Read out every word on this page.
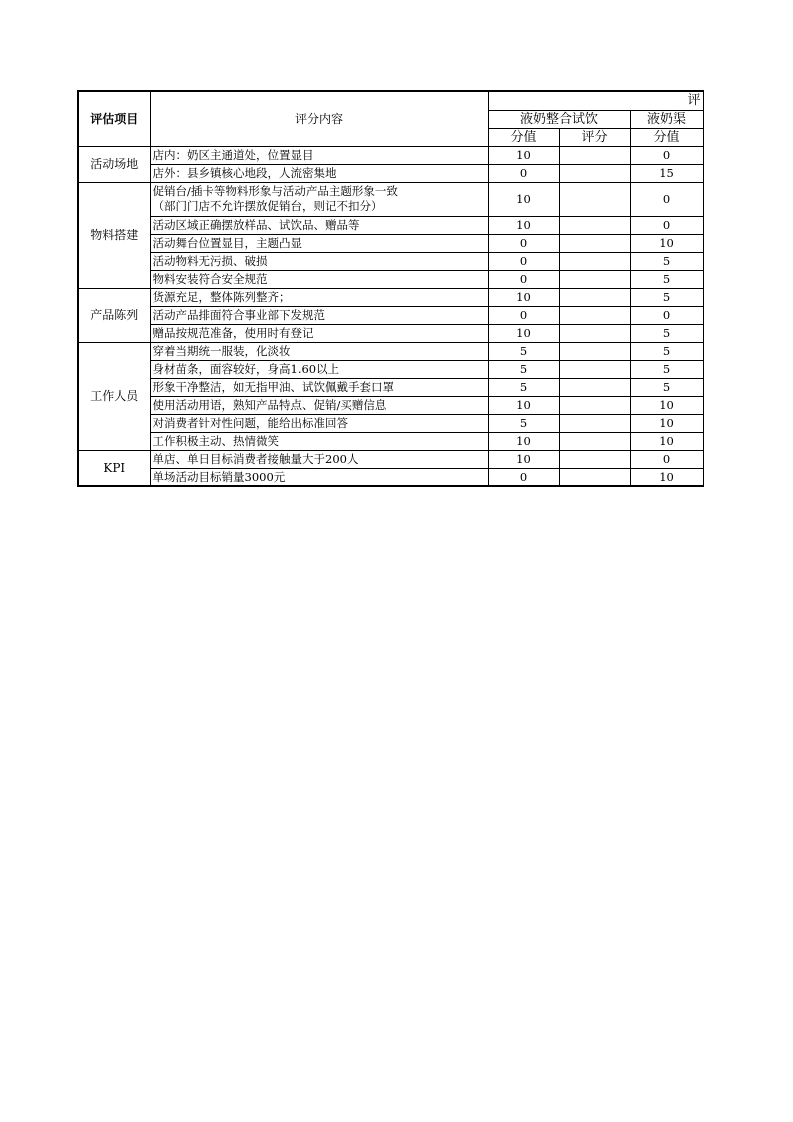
评估项目	评分内容	评		
		液奶整合试饮		液奶渠
		分值	评分	分值
活动场地	店内：奶区主通道处，位置显目	10		0
	店外：县乡镇核心地段，人流密集地	0		15
物料搭建	促销台/插卡等物料形象与活动产品主题形象一致
（部门门店不允许摆放促销台，则记不扣分）	10		0
	活动区域正确摆放样品、试饮品、赠品等	10		0
	活动舞台位置显目，主题凸显	0		10
	活动物料无污损、破损	0		5
	物料安装符合安全规范	0		5
产品陈列	货源充足，整体陈列整齐；	10		5
	活动产品排面符合事业部下发规范	0		0
	赠品按规范准备，使用时有登记	10		5
工作人员	穿着当期统一服装，化淡妆	5		5
	身材苗条，面容较好，身高1.60以上	5		5
	形象干净整洁，如无指甲油、试饮佩戴手套口罩	5		5
	使用活动用语，熟知产品特点、促销/买赠信息	10		10
	对消费者针对性问题，能给出标准回答	5		10
	工作积极主动、热情微笑	10		10
KPI	单店、单日目标消费者接触量大于200人	10		0
	单场活动目标销量3000元	0		10
